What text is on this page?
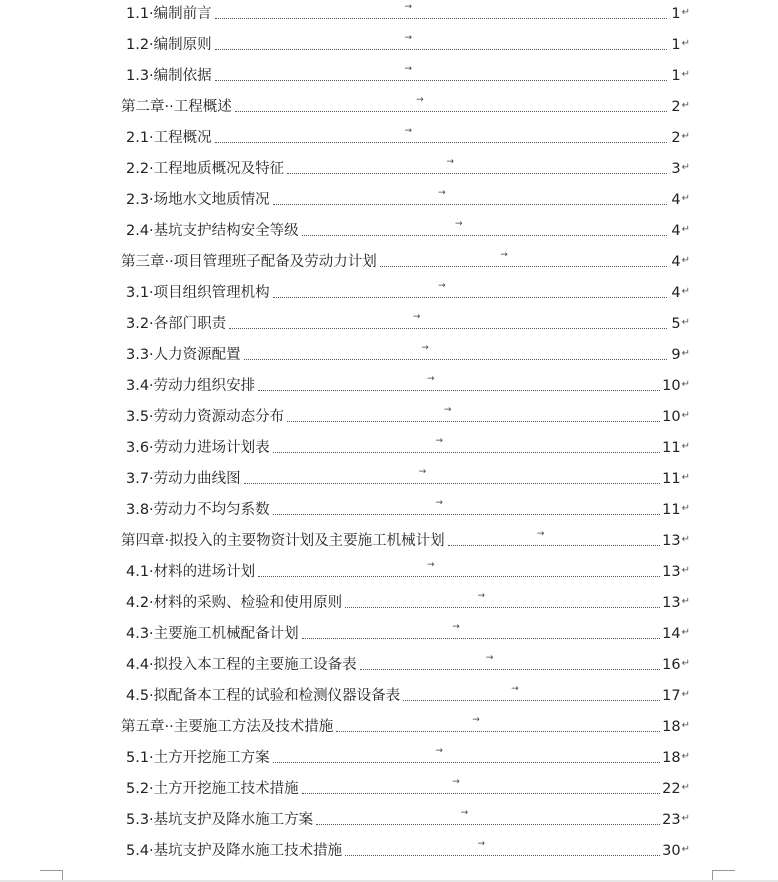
1.1·编制前言	→	1 ↵
1.2·编制原则	→	1 ↵
1.3·编制依据	→	1 ↵
第二章··工程概述	→	2 ↵
2.1·工程概况	→	2 ↵
2.2·工程地质概况及特征	→	3 ↵
2.3·场地水文地质情况	→	4 ↵
2.4·基坑支护结构安全等级	→	4 ↵
第三章··项目管理班子配备及劳动力计划	→	4 ↵
3.1·项目组织管理机构	→	4 ↵
3.2·各部门职责	→	5 ↵
3.3·人力资源配置	→	9 ↵
3.4·劳动力组织安排	→	10 ↵
3.5·劳动力资源动态分布	→	10 ↵
3.6·劳动力进场计划表	→	11 ↵
3.7·劳动力曲线图	→	11 ↵
3.8·劳动力不均匀系数	→	11 ↵
第四章·拟投入的主要物资计划及主要施工机械计划	→	13 ↵
4.1·材料的进场计划	→	13 ↵
4.2·材料的采购、检验和使用原则	→	13 ↵
4.3·主要施工机械配备计划	→	14 ↵
4.4·拟投入本工程的主要施工设备表	→	16 ↵
4.5·拟配备本工程的试验和检测仪器设备表	→	17 ↵
第五章··主要施工方法及技术措施	→	18 ↵
5.1·土方开挖施工方案	→	18 ↵
5.2·土方开挖施工技术措施	→	22 ↵
5.3·基坑支护及降水施工方案	→	23 ↵
5.4·基坑支护及降水施工技术措施	→	30 ↵
